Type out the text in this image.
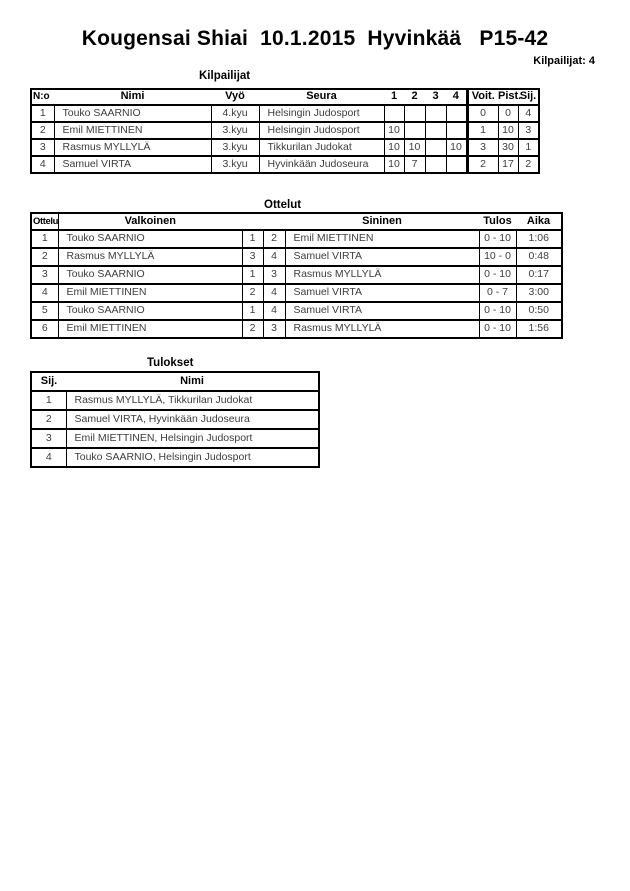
Kougensai Shiai  10.1.2015  Hyvinkää   P15-42
Kilpailijat: 4
Kilpailijat
N:o	Nimi	Vyö	Seura	1	2	3	4	Voit.	Pist.	Sij.
1	Touko SAARNIO	4.kyu	Helsingin Judosport					0	0	4
2	Emil MIETTINEN	3.kyu	Helsingin Judosport	10				1	10	3
3	Rasmus MYLLYLÄ	3.kyu	Tikkurilan Judokat	10	10		10	3	30	1
4	Samuel VIRTA	3.kyu	Hyvinkään Judoseura	10	7			2	17	2
Ottelut
Ottelu	Valkoinen			Sininen	Tulos	Aika
1	Touko SAARNIO	1	2	Emil MIETTINEN	0 - 10	1:06
2	Rasmus MYLLYLÄ	3	4	Samuel VIRTA	10 - 0	0:48
3	Touko SAARNIO	1	3	Rasmus MYLLYLÄ	0 - 10	0:17
4	Emil MIETTINEN	2	4	Samuel VIRTA	0 - 7	3:00
5	Touko SAARNIO	1	4	Samuel VIRTA	0 - 10	0:50
6	Emil MIETTINEN	2	3	Rasmus MYLLYLÄ	0 - 10	1:56
Tulokset
Sij.	Nimi
1	Rasmus MYLLYLÄ, Tikkurilan Judokat
2	Samuel VIRTA, Hyvinkään Judoseura
3	Emil MIETTINEN, Helsingin Judosport
4	Touko SAARNIO, Helsingin Judosport
